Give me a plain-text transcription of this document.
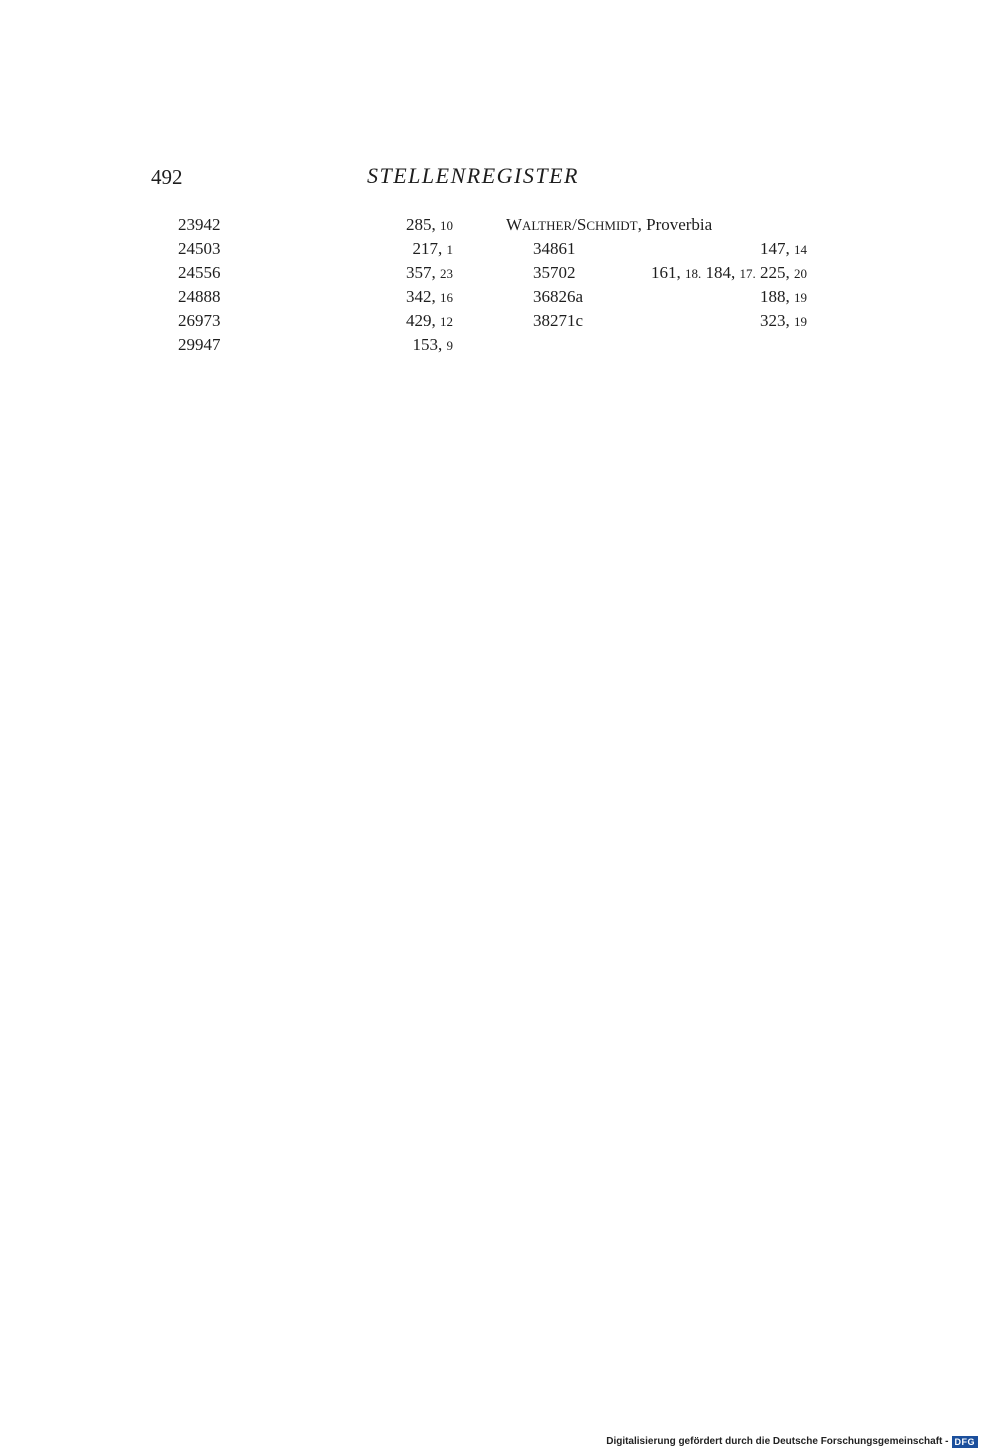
492	STELLENREGISTER
23942	285, 10
24503	217, 1
24556	357, 23
24888	342, 16
26973	429, 12
29947	153, 9
WALTHER/SCHMIDT, Proverbia
34861	147, 14
35702	161, 18. 184, 17. 225, 20
36826a	188, 19
38271c	323, 19
Digitalisierung gefördert durch die Deutsche Forschungsgemeinschaft - DFG
